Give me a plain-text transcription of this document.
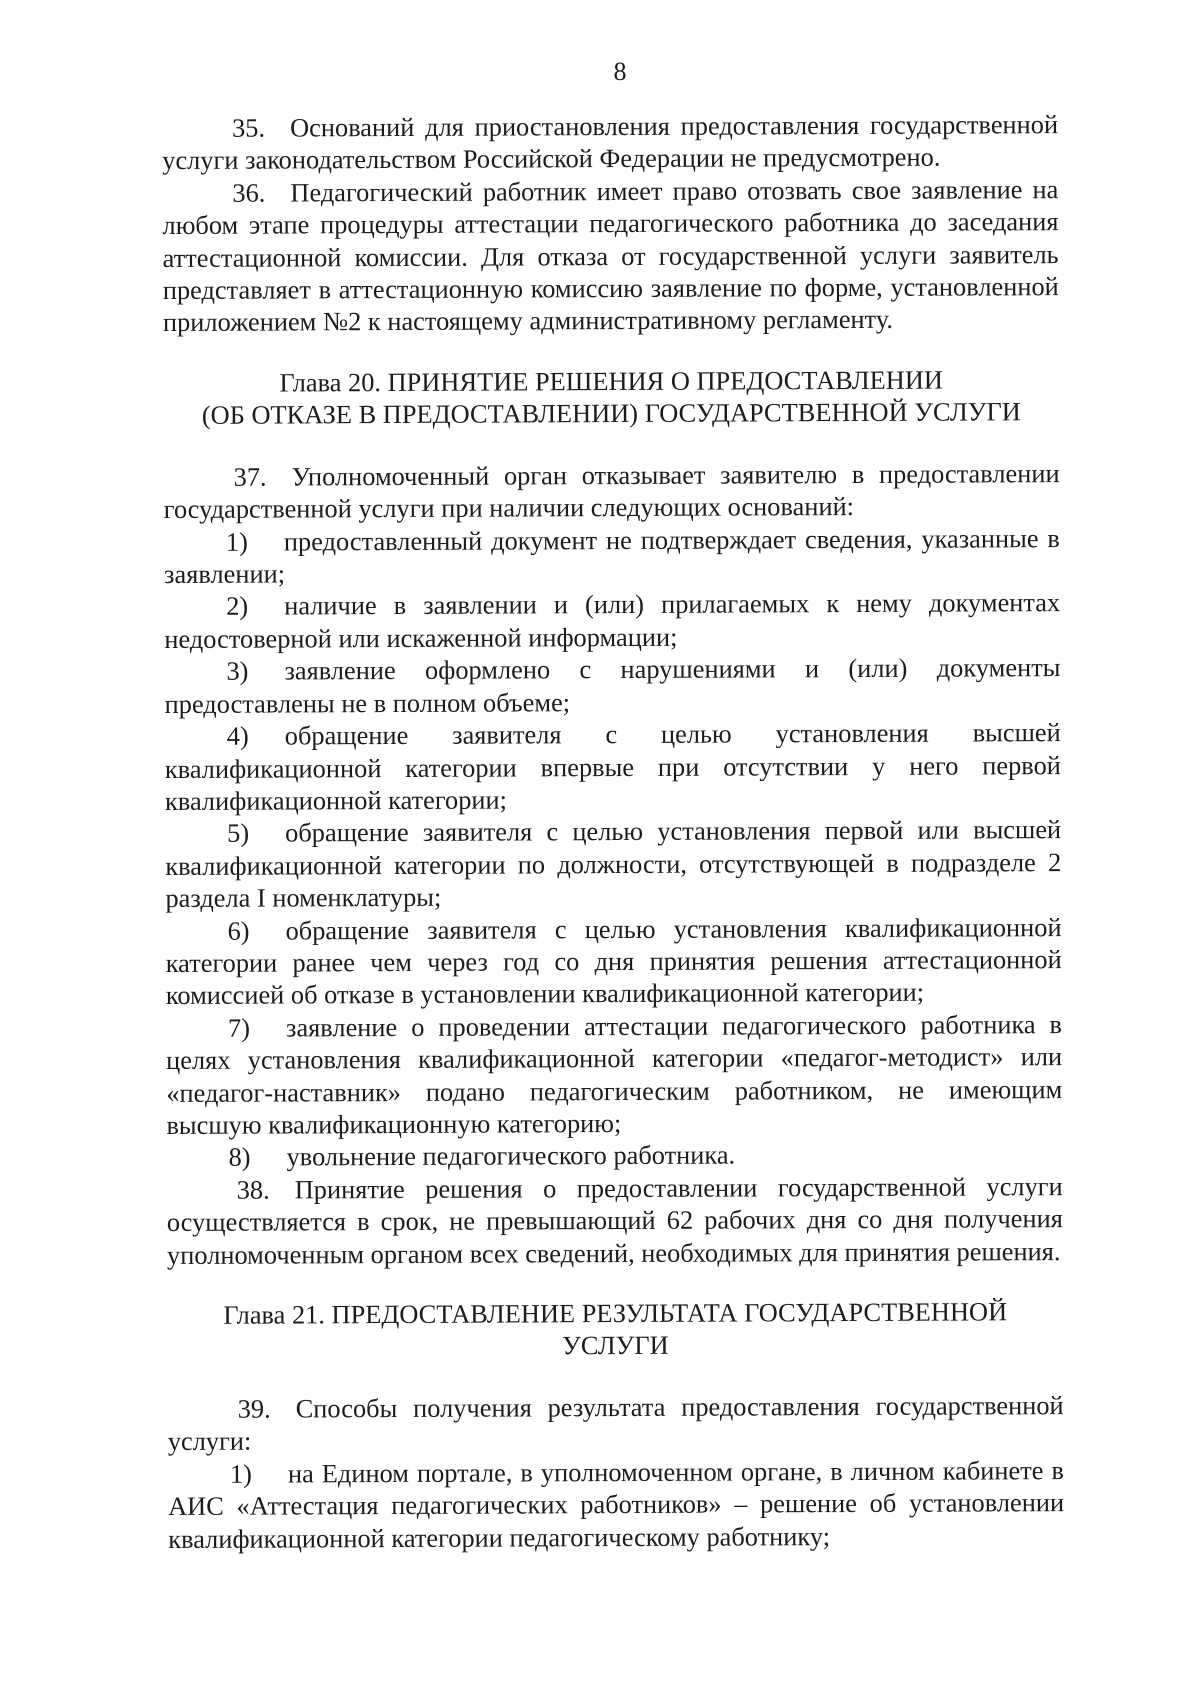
8

35. Оснований для приостановления предоставления государственной услуги законодательством Российской Федерации не предусмотрено.

36. Педагогический работник имеет право отозвать свое заявление на любом этапе процедуры аттестации педагогического работника до заседания аттестационной комиссии. Для отказа от государственной услуги заявитель представляет в аттестационную комиссию заявление по форме, установленной приложением №2 к настоящему административному регламенту.

Глава 20. ПРИНЯТИЕ РЕШЕНИЯ О ПРЕДОСТАВЛЕНИИ
(ОБ ОТКАЗЕ В ПРЕДОСТАВЛЕНИИ) ГОСУДАРСТВЕННОЙ УСЛУГИ

37. Уполномоченный орган отказывает заявителю в предоставлении государственной услуги при наличии следующих оснований:

1) предоставленный документ не подтверждает сведения, указанные в заявлении;

2) наличие в заявлении и (или) прилагаемых к нему документах недостоверной или искаженной информации;

3) заявление оформлено с нарушениями и (или) документы предоставлены не в полном объеме;

4) обращение заявителя с целью установления высшей квалификационной категории впервые при отсутствии у него первой квалификационной категории;

5) обращение заявителя с целью установления первой или высшей квалификационной категории по должности, отсутствующей в подразделе 2 раздела I номенклатуры;

6) обращение заявителя с целью установления квалификационной категории ранее чем через год со дня принятия решения аттестационной комиссией об отказе в установлении квалификационной категории;

7) заявление о проведении аттестации педагогического работника в целях установления квалификационной категории «педагог-методист» или «педагог-наставник» подано педагогическим работником, не имеющим высшую квалификационную категорию;

8) увольнение педагогического работника.

38. Принятие решения о предоставлении государственной услуги осуществляется в срок, не превышающий 62 рабочих дня со дня получения уполномоченным органом всех сведений, необходимых для принятия решения.

Глава 21. ПРЕДОСТАВЛЕНИЕ РЕЗУЛЬТАТА ГОСУДАРСТВЕННОЙ
УСЛУГИ

39. Способы получения результата предоставления государственной услуги:

1) на Едином портале, в уполномоченном органе, в личном кабинете в АИС «Аттестация педагогических работников» – решение об установлении квалификационной категории педагогическому работнику;
